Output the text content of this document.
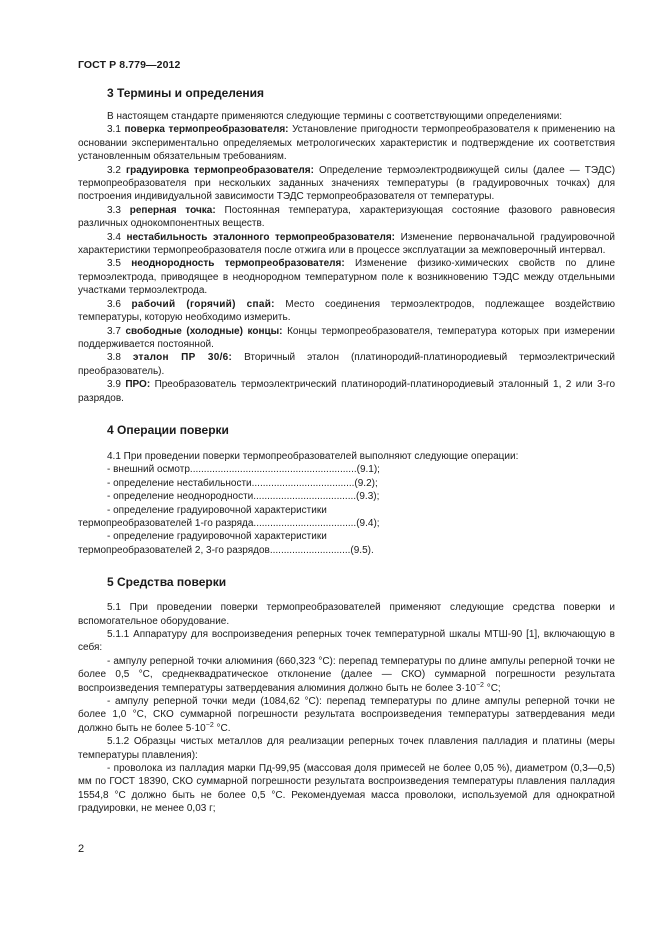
ГОСТ Р 8.779—2012
3 Термины и определения

В настоящем стандарте применяются следующие термины с соответствующими определениями:

3.1 поверка термопреобразователя: Установление пригодности термопреобразователя к применению на основании экспериментально определяемых метрологических характеристик и подтверждение их соответствия установленным обязательным требованиям.

3.2 градуировка термопреобразователя: Определение термоэлектродвижущей силы (далее — ТЭДС) термопреобразователя при нескольких заданных значениях температуры (в градуировочных точках) для построения индивидуальной зависимости ТЭДС термопреобразователя от температуры.

3.3 реперная точка: Постоянная температура, характеризующая состояние фазового равновесия различных однокомпонентных веществ.

3.4 нестабильность эталонного термопреобразователя: Изменение первоначальной градуировочной характеристики термопреобразователя после отжига или в процессе эксплуатации за межповерочный интервал.

3.5 неоднородность термопреобразователя: Изменение физико-химических свойств по длине термоэлектрода, приводящее в неоднородном температурном поле к возникновению ТЭДС между отдельными участками термоэлектрода.

3.6 рабочий (горячий) спай: Место соединения термоэлектродов, подлежащее воздействию температуры, которую необходимо измерить.

3.7 свободные (холодные) концы: Концы термопреобразователя, температура которых при измерении поддерживается постоянной.

3.8 эталон ПР 30/6: Вторичный эталон (платинородий-платинородиевый термоэлектрический преобразователь).

3.9 ПРО: Преобразователь термоэлектрический платинородий-платинородиевый эталонный 1, 2 или 3-го разрядов.

4 Операции поверки

4.1 При проведении поверки термопреобразователей выполняют следующие операции:

- внешний осмотр............................................................(9.1);

- определение нестабильности.....................................(9.2);

- определение неоднородности.....................................(9.3);

- определение градуировочной характеристики

термопреобразователей 1-го разряда.....................................(9.4);

- определение градуировочной характеристики

термопреобразователей 2, 3-го разрядов.............................(9.5).

5 Средства поверки

5.1 При проведении поверки термопреобразователей применяют следующие средства поверки и вспомогательное оборудование.

5.1.1 Аппаратуру для воспроизведения реперных точек температурной шкалы МТШ-90 [1], включающую в себя:

- ампулу реперной точки алюминия (660,323 °С): перепад температуры по длине ампулы реперной точки не более 0,5 °С, среднеквадратическое отклонение (далее — СКО) суммарной погрешности результата воспроизведения температуры затвердевания алюминия должно быть не более $3\cdot 10^{-2}$ °С;

- ампулу реперной точки меди (1084,62 °С): перепад температуры по длине ампулы реперной точки не более 1,0 °С, СКО суммарной погрешности результата воспроизведения температуры затвердевания меди должно быть не более $5\cdot 10^{-2}$ °С.

5.1.2 Образцы чистых металлов для реализации реперных точек плавления палладия и платины (меры температуры плавления):

- проволока из палладия марки Пд-99,95 (массовая доля примесей не более 0,05 %), диаметром (0,3—0,5) мм по ГОСТ 18390, СКО суммарной погрешности результата воспроизведения температуры плавления палладия 1554,8 °С должно быть не более 0,5 °С. Рекомендуемая масса проволоки, используемой для однократной градуировки, не менее 0,03 г;

2
